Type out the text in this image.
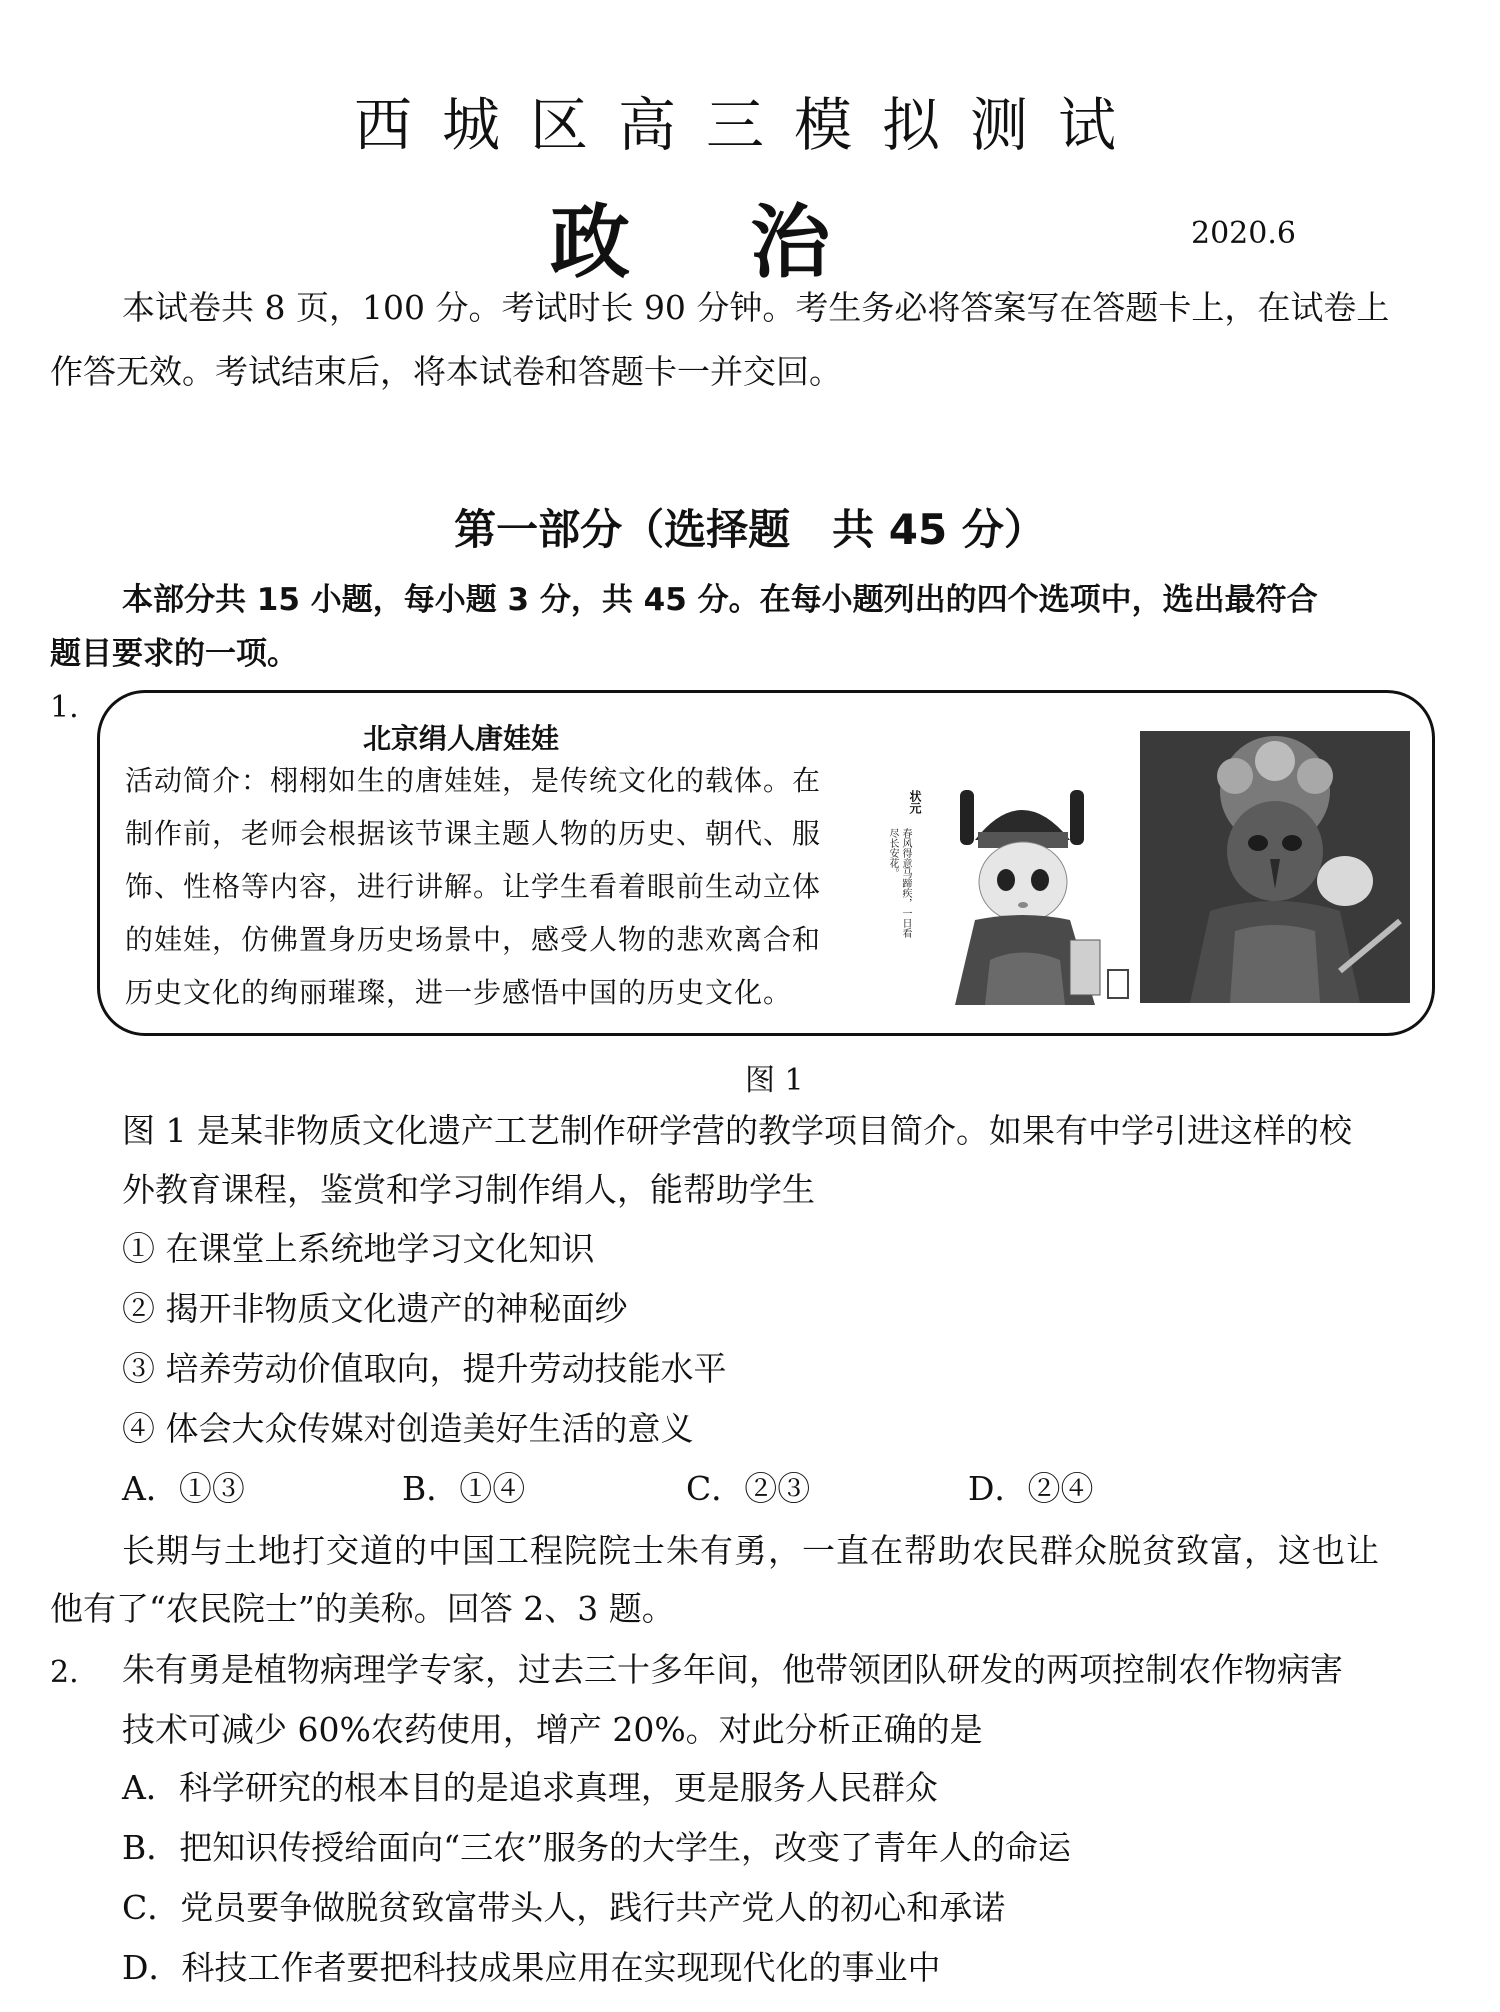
西城区高三模拟测试
政治	2020.6
本试卷共 8 页，100 分。考试时长 90 分钟。考生务必将答案写在答题卡上，在试卷上
作答无效。考试结束后，将本试卷和答题卡一并交回。
第一部分（选择题　共 45 分）
本部分共 15 小题，每小题 3 分，共 45 分。在每小题列出的四个选项中，选出最符合
题目要求的一项。
1.
北京绢人唐娃娃
活动简介：栩栩如生的唐娃娃，是传统文化的载体。在
制作前，老师会根据该节课主题人物的历史、朝代、服
饰、性格等内容，进行讲解。让学生看着眼前生动立体
的娃娃，仿佛置身历史场景中，感受人物的悲欢离合和
历史文化的绚丽璀璨，进一步感悟中国的历史文化。
状元
春风得意马蹄疾，一日看尽长安花。
图 1
图 1 是某非物质文化遗产工艺制作研学营的教学项目简介。如果有中学引进这样的校
外教育课程，鉴赏和学习制作绢人，能帮助学生
① 在课堂上系统地学习文化知识
② 揭开非物质文化遗产的神秘面纱
③ 培养劳动价值取向，提升劳动技能水平
④ 体会大众传媒对创造美好生活的意义
A．①③	B．①④	C．②③	D．②④
长期与土地打交道的中国工程院院士朱有勇，一直在帮助农民群众脱贫致富，这也让
他有了“农民院士”的美称。回答 2、3 题。
2. 朱有勇是植物病理学专家，过去三十多年间，他带领团队研发的两项控制农作物病害
技术可减少 60%农药使用，增产 20%。对此分析正确的是
A．科学研究的根本目的是追求真理，更是服务人民群众
B．把知识传授给面向“三农”服务的大学生，改变了青年人的命运
C．党员要争做脱贫致富带头人，践行共产党人的初心和承诺
D．科技工作者要把科技成果应用在实现现代化的事业中
